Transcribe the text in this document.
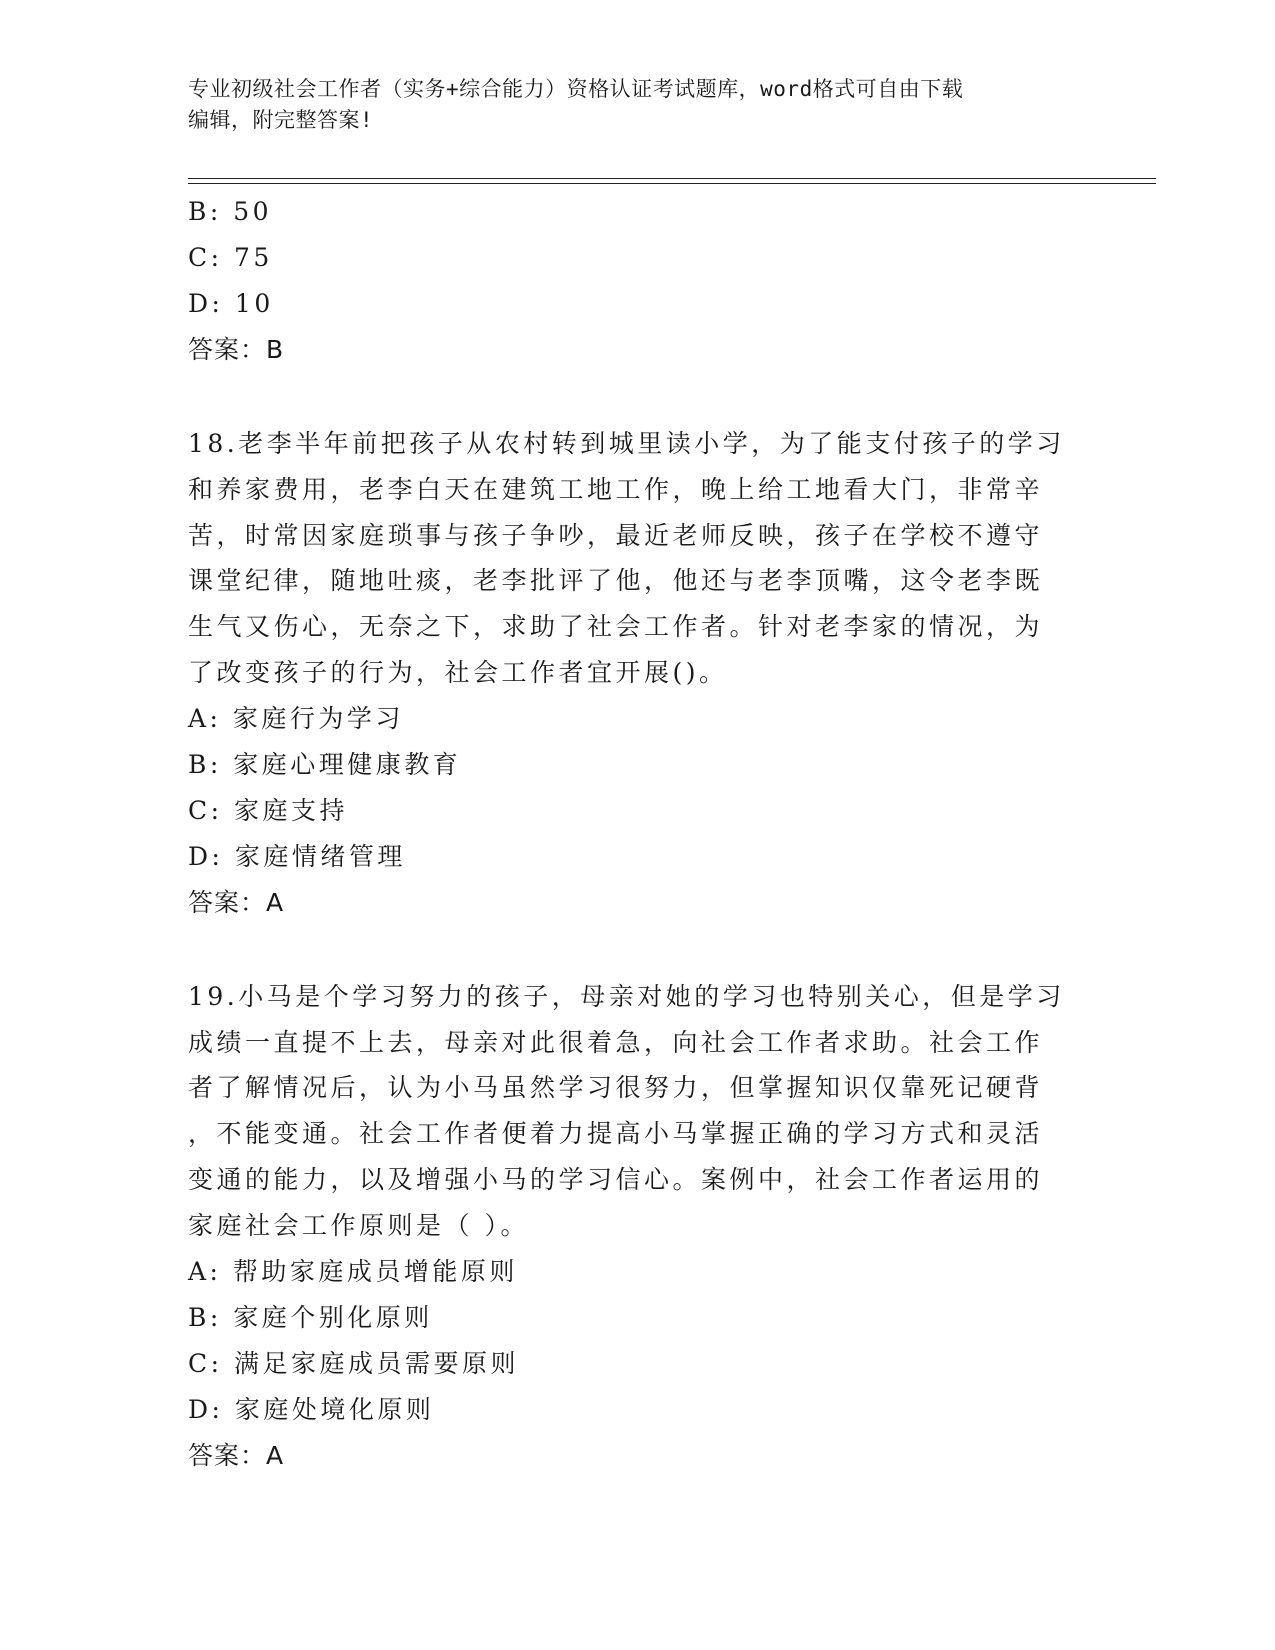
专业初级社会工作者（实务+综合能力）资格认证考试题库，word格式可自由下载
编辑，附完整答案!
B: 50
C: 75
D: 10
答案：B
18.老李半年前把孩子从农村转到城里读小学，为了能支付孩子的学习
和养家费用，老李白天在建筑工地工作，晚上给工地看大门，非常辛
苦，时常因家庭琐事与孩子争吵，最近老师反映，孩子在学校不遵守
课堂纪律，随地吐痰，老李批评了他，他还与老李顶嘴，这令老李既
生气又伤心，无奈之下，求助了社会工作者。针对老李家的情况，为
了改变孩子的行为，社会工作者宜开展()。
A: 家庭行为学习
B: 家庭心理健康教育
C: 家庭支持
D: 家庭情绪管理
答案：A
19.小马是个学习努力的孩子，母亲对她的学习也特别关心，但是学习
成绩一直提不上去，母亲对此很着急，向社会工作者求助。社会工作
者了解情况后，认为小马虽然学习很努力，但掌握知识仅靠死记硬背
，不能变通。社会工作者便着力提高小马掌握正确的学习方式和灵活
变通的能力，以及增强小马的学习信心。案例中，社会工作者运用的
家庭社会工作原则是（ ）。
A: 帮助家庭成员增能原则
B: 家庭个别化原则
C: 满足家庭成员需要原则
D: 家庭处境化原则
答案：A
